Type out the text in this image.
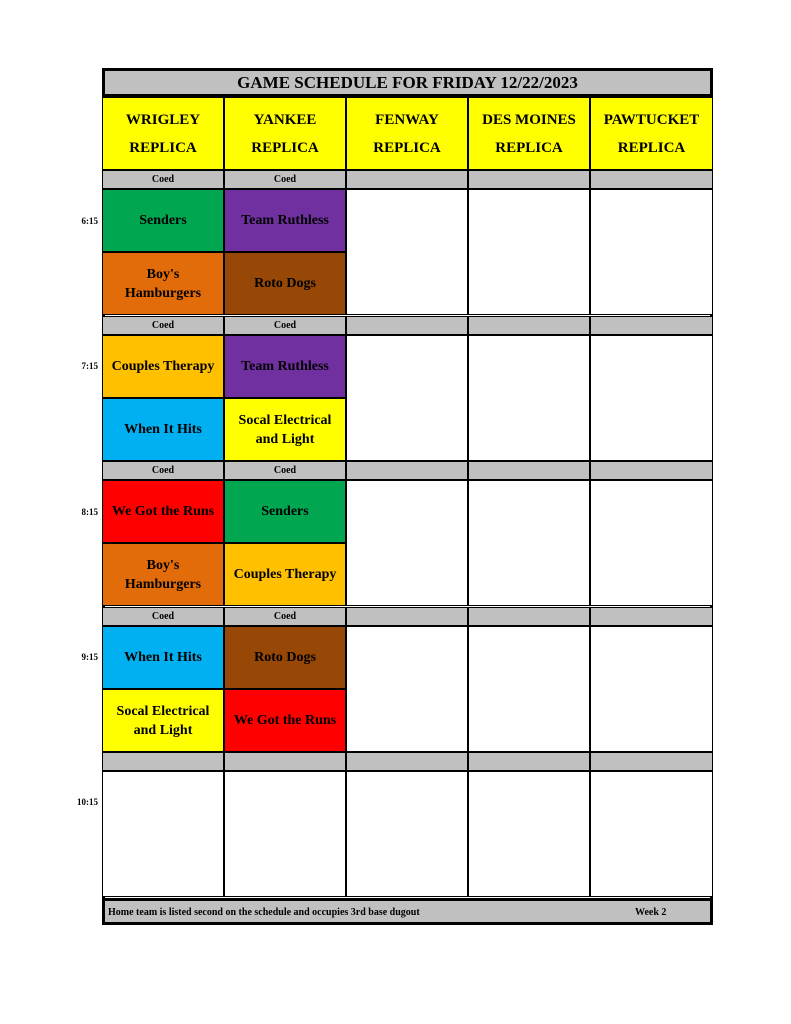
GAME SCHEDULE FOR FRIDAY 12/22/2023
WRIGLEY
REPLICA
YANKEE
REPLICA
FENWAY
REPLICA
DES MOINES
REPLICA
PAWTUCKET
REPLICA
6:15
Coed
Senders
Boy's Hamburgers
Coed
Team Ruthless
Roto Dogs
7:15
Coed
Couples Therapy
When It Hits
Coed
Team Ruthless
Socal Electrical and Light
8:15
Coed
We Got the Runs
Boy's Hamburgers
Coed
Senders
Couples Therapy
9:15
Coed
When It Hits
Socal Electrical and Light
Coed
Roto Dogs
We Got the Runs
10:15
Home team is listed second on the schedule and occupies 3rd base dugout	Week 2
